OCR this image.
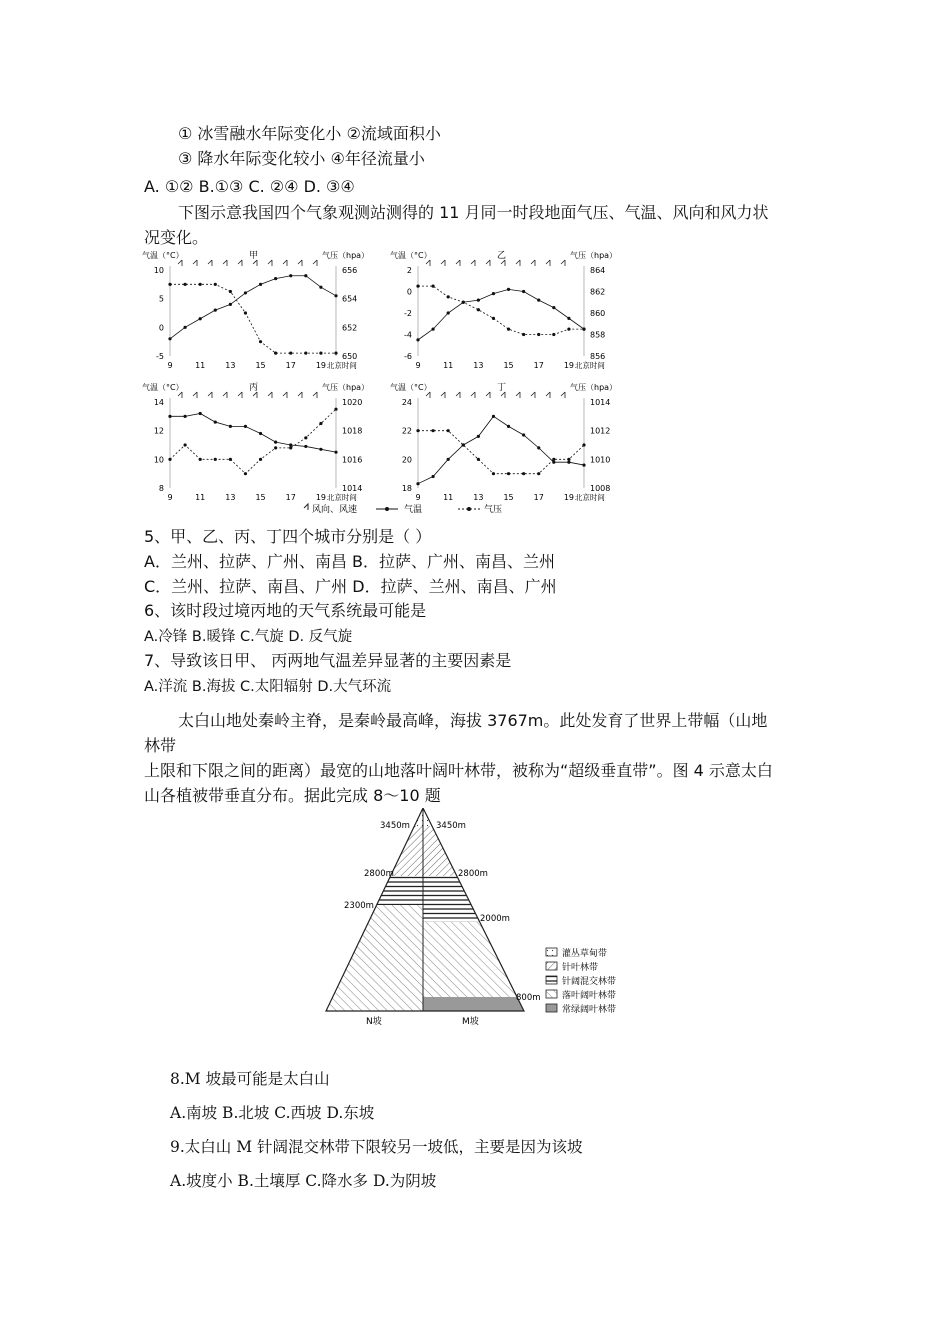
① 冰雪融水年际变化小 ②流域面积小
③ 降水年际变化较小 ④年径流量小
A. ①② B.①③ C. ②④ D. ③④
下图示意我国四个气象观测站测得的 11 月同一时段地面气压、气温、风向和风力状
况变化。
风向、风速	气温	气压
气温（°C）	气压（hpa）
甲
-5
0
5
10
650
652
654
656
9	11 13 15 17 19 北京时间
气温（°C）	气压（hpa）
乙
-6
-4
-2
0
2
856
858
860
862
864
9	11 13 15 17 19 北京时间
气温（°C）	气压（hpa）
丙
8
10
12
14
1014
1016
1018
1020
9	11 13 15 17 19 北京时间
气温（°C）	气压（hpa）
丁
18
20
22
24
1008
1010
1012
1014
9	11 13 15 17 19 北京时间
5、甲、乙、丙、丁四个城市分别是（ ）
A．兰州、拉萨、广州、南昌 B．拉萨、广州、南昌、兰州
C．兰州、拉萨、南昌、广州 D．拉萨、兰州、南昌、广州
6、该时段过境丙地的天气系统最可能是
A.冷锋 B.暖锋 C.气旋 D. 反气旋
7、导致该日甲、 丙两地气温差异显著的主要因素是
A.洋流 B.海拔 C.太阳辐射 D.大气环流
太白山地处秦岭主脊，是秦岭最高峰，海拔 3767m。此处发育了世界上带幅（山地
林带
上限和下限之间的距离）最宽的山地落叶阔叶林带，被称为“超级垂直带”。图 4 示意太白
山各植被带垂直分布。据此完成 8～10 题
3450m	3450m
2800m	2800m
2300m
2000m
800m
N坡	M坡
灌丛草甸带
针叶林带
针阔混交林带
落叶阔叶林带
常绿阔叶林带
8.M 坡最可能是太白山
A.南坡 B.北坡 C.西坡 D.东坡
9.太白山 M 针阔混交林带下限较另一坡低，主要是因为该坡
A.坡度小 B.土壤厚 C.降水多 D.为阴坡
